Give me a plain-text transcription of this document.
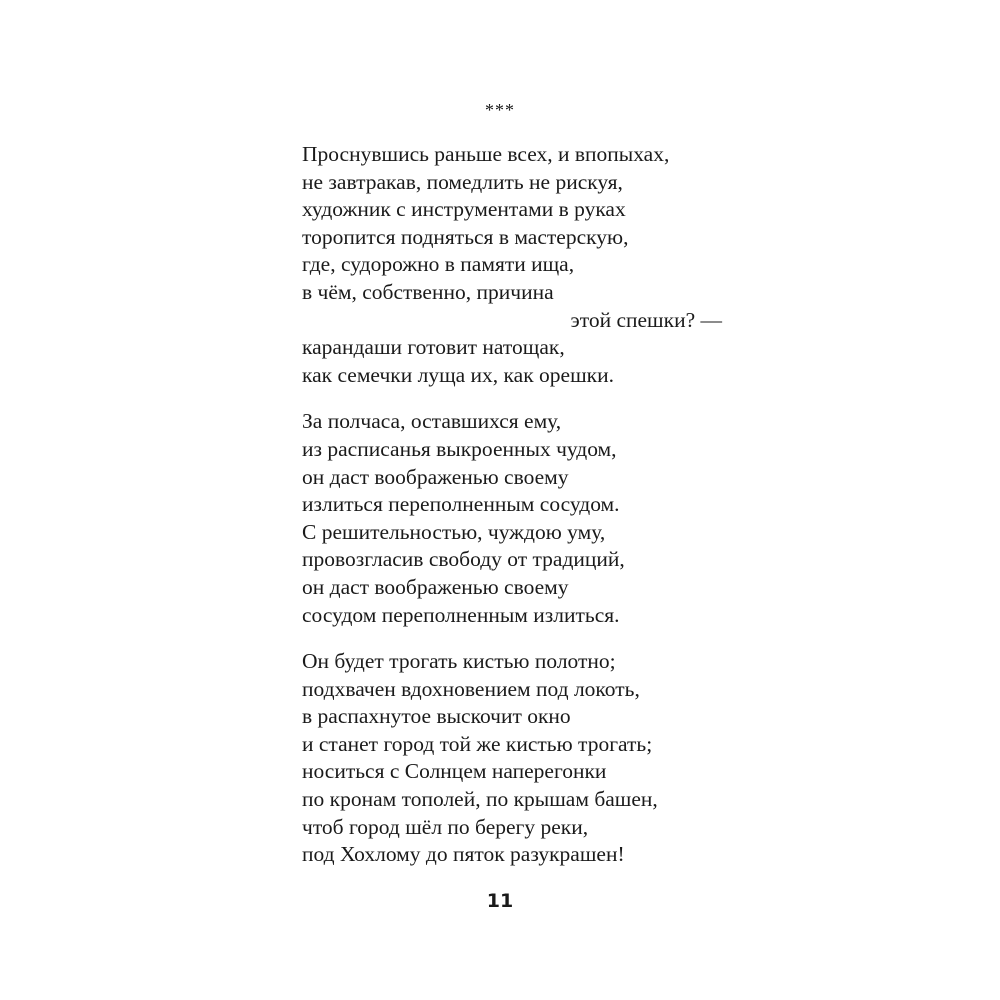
***
Проснувшись раньше всех, и впопыхах,
не завтракав, помедлить не рискуя,
художник с инструментами в руках
торопится подняться в мастерскую,
где, судорожно в памяти ища,
в чём, собственно, причина
этой спешки? —
карандаши готовит натощак,
как семечки луща их, как орешки.
За полчаса, оставшихся ему,
из расписанья выкроенных чудом,
он даст воображенью своему
излиться переполненным сосудом.
С решительностью, чуждою уму,
провозгласив свободу от традиций,
он даст воображенью своему
сосудом переполненным излиться.
Он будет трогать кистью полотно;
подхвачен вдохновением под локоть,
в распахнутое выскочит окно
и станет город той же кистью трогать;
носиться с Солнцем наперегонки
по кронам тополей, по крышам башен,
чтоб город шёл по берегу реки,
под Хохлому до пяток разукрашен!
11
